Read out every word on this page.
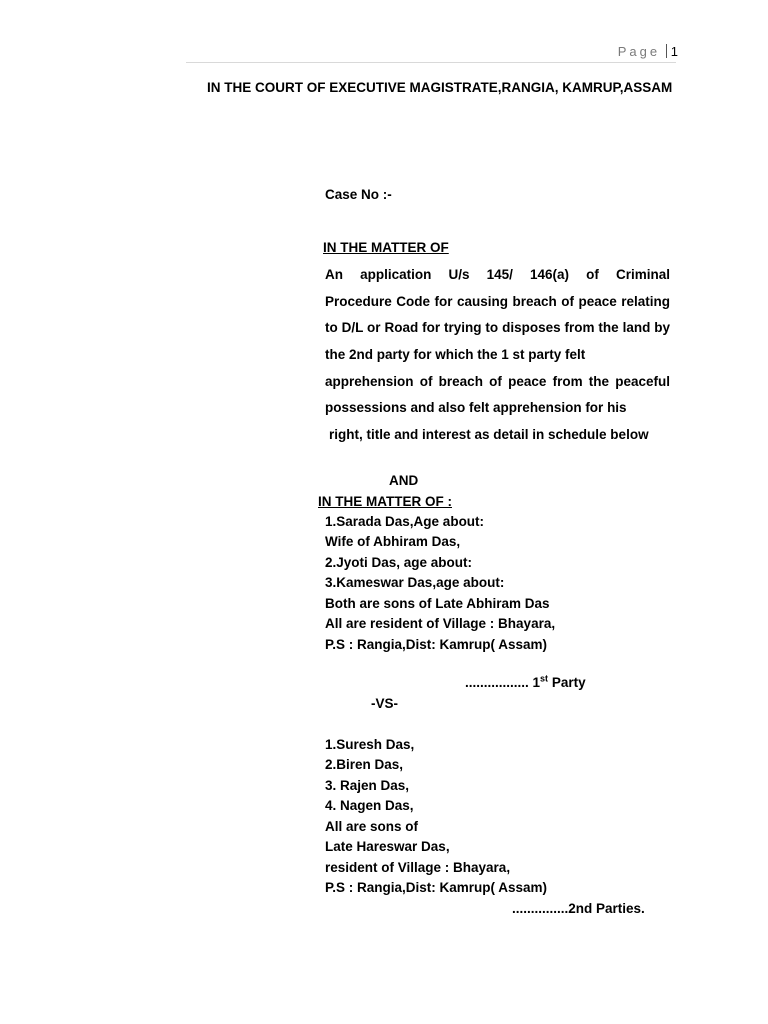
Page 1
IN THE COURT OF EXECUTIVE MAGISTRATE,RANGIA, KAMRUP,ASSAM
Case No :-
IN THE MATTER OF
An application U/s 145/ 146(a) of Criminal
Procedure Code for causing breach of peace relating
to D/L or Road for trying to disposes from the land by
the 2nd party for which the 1 st party felt
apprehension of breach of peace from the peaceful
possessions and also felt apprehension for his
right, title and interest as detail in schedule below
AND
IN THE MATTER OF :
1.Sarada Das,Age about:
Wife of Abhiram Das,
2.Jyoti Das, age about:
3.Kameswar Das,age about:
Both are sons of Late Abhiram Das
All are resident of Village : Bhayara,
P.S : Rangia,Dist: Kamrup( Assam)
................. 1st Party
-VS-
1.Suresh Das,
2.Biren Das,
3. Rajen Das,
4. Nagen Das,
All are sons of
Late Hareswar Das,
resident of Village : Bhayara,
P.S : Rangia,Dist: Kamrup( Assam)
...............2nd Parties.
